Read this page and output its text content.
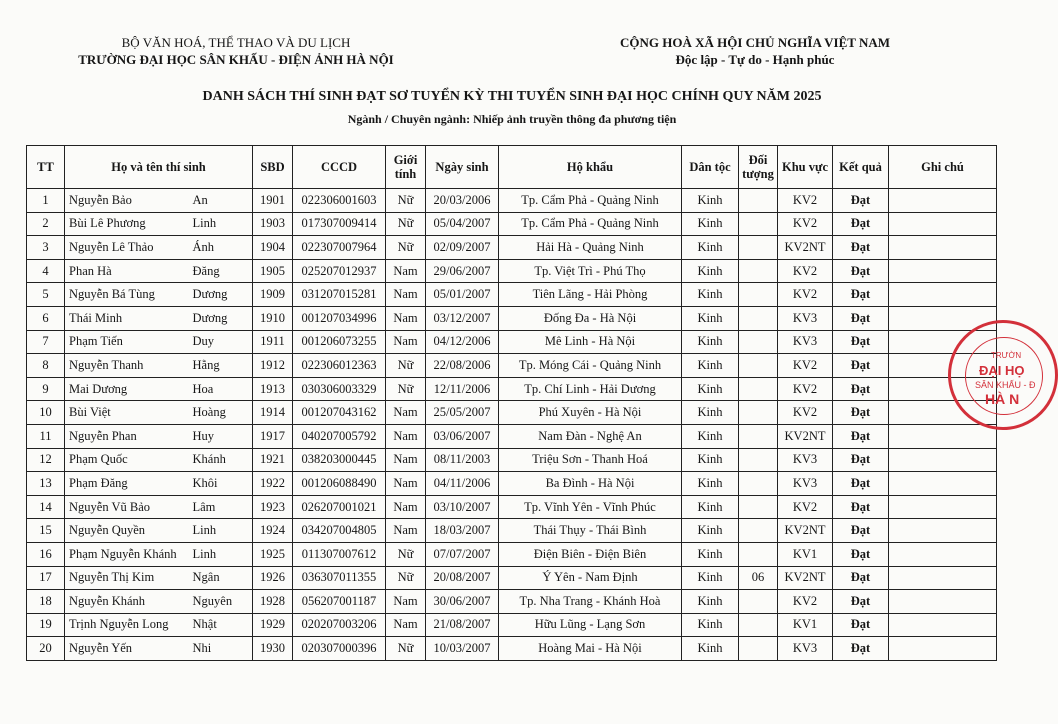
BỘ VĂN HOÁ, THỂ THAO VÀ DU LỊCH
TRƯỜNG ĐẠI HỌC SÂN KHẤU - ĐIỆN ẢNH HÀ NỘI
CỘNG HOÀ XÃ HỘI CHỦ NGHĨA VIỆT NAM
Độc lập - Tự do - Hạnh phúc
DANH SÁCH THÍ SINH ĐẠT SƠ TUYỂN KỲ THI TUYỂN SINH ĐẠI HỌC CHÍNH QUY NĂM 2025
Ngành / Chuyên ngành: Nhiếp ảnh truyền thông đa phương tiện
TT	Họ và tên thí sinh		SBD	CCCD	Giới tính	Ngày sinh	Hộ khẩu	Dân tộc	Đối tượng	Khu vực	Kết quả	Ghi chú
1	Nguyễn Bảo	An	1901	022306001603	Nữ	20/03/2006	Tp. Cẩm Phả - Quảng Ninh	Kinh		KV2	Đạt	
2	Bùi Lê Phương	Linh	1903	017307009414	Nữ	05/04/2007	Tp. Cẩm Phả - Quảng Ninh	Kinh		KV2	Đạt	
3	Nguyễn Lê Thảo	Ánh	1904	022307007964	Nữ	02/09/2007	Hải Hà - Quảng Ninh	Kinh		KV2NT	Đạt	
4	Phan Hà	Đăng	1905	025207012937	Nam	29/06/2007	Tp. Việt Trì - Phú Thọ	Kinh		KV2	Đạt	
5	Nguyễn Bá Tùng	Dương	1909	031207015281	Nam	05/01/2007	Tiên Lãng - Hải Phòng	Kinh		KV2	Đạt	
6	Thái Minh	Dương	1910	001207034996	Nam	03/12/2007	Đống Đa - Hà Nội	Kinh		KV3	Đạt	
7	Phạm Tiến	Duy	1911	001206073255	Nam	04/12/2006	Mê Linh - Hà Nội	Kinh		KV3	Đạt	
8	Nguyễn Thanh	Hằng	1912	022306012363	Nữ	22/08/2006	Tp. Móng Cái - Quảng Ninh	Kinh		KV2	Đạt	
9	Mai Dương	Hoa	1913	030306003329	Nữ	12/11/2006	Tp. Chí Linh - Hải Dương	Kinh		KV2	Đạt	
10	Bùi Việt	Hoàng	1914	001207043162	Nam	25/05/2007	Phú Xuyên - Hà Nội	Kinh		KV2	Đạt	
11	Nguyễn Phan	Huy	1917	040207005792	Nam	03/06/2007	Nam Đàn - Nghệ An	Kinh		KV2NT	Đạt	
12	Phạm Quốc	Khánh	1921	038203000445	Nam	08/11/2003	Triệu Sơn - Thanh Hoá	Kinh		KV3	Đạt	
13	Phạm Đăng	Khôi	1922	001206088490	Nam	04/11/2006	Ba Đình - Hà Nội	Kinh		KV3	Đạt	
14	Nguyễn Vũ Bảo	Lâm	1923	026207001021	Nam	03/10/2007	Tp. Vĩnh Yên - Vĩnh Phúc	Kinh		KV2	Đạt	
15	Nguyễn Quyền	Linh	1924	034207004805	Nam	18/03/2007	Thái Thụy - Thái Bình	Kinh		KV2NT	Đạt	
16	Phạm Nguyễn Khánh	Linh	1925	011307007612	Nữ	07/07/2007	Điện Biên - Điện Biên	Kinh		KV1	Đạt	
17	Nguyễn Thị Kim	Ngân	1926	036307011355	Nữ	20/08/2007	Ý Yên - Nam Định	Kinh	06	KV2NT	Đạt	
18	Nguyễn Khánh	Nguyên	1928	056207001187	Nam	30/06/2007	Tp. Nha Trang - Khánh Hoà	Kinh		KV2	Đạt	
19	Trịnh Nguyễn Long	Nhật	1929	020207003206	Nam	21/08/2007	Hữu Lũng - Lạng Sơn	Kinh		KV1	Đạt	
20	Nguyễn Yến	Nhi	1930	020307000396	Nữ	10/03/2007	Hoàng Mai - Hà Nội	Kinh		KV3	Đạt	
TRƯỜN
ĐẠI HỌ
SÂN KHẤU - Đ
HÀ N
